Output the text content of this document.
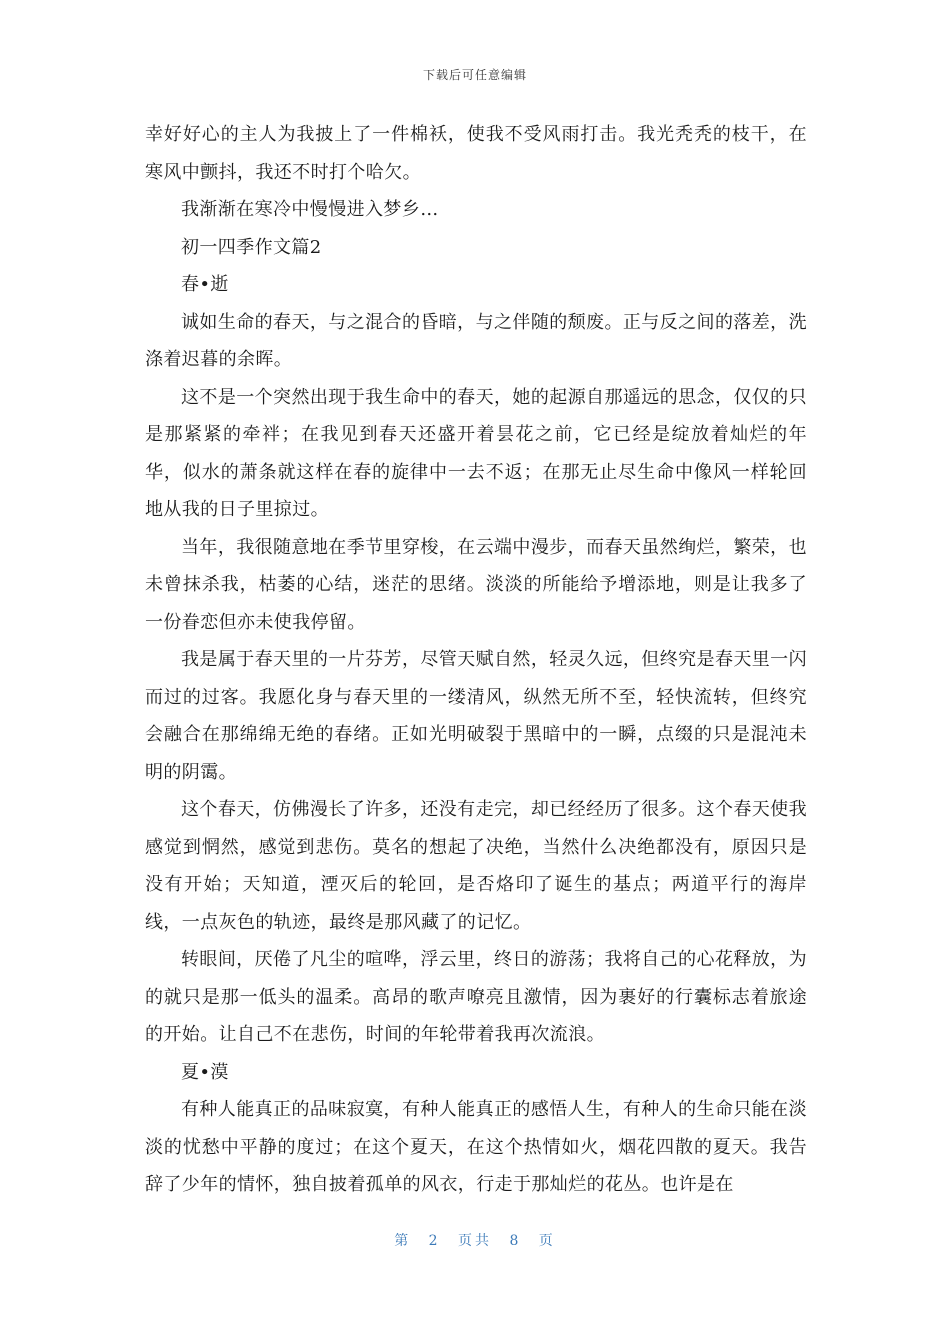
下载后可任意编辑

幸好好心的主人为我披上了一件棉袄，使我不受风雨打击。我光秃秃的枝干，在寒风中颤抖，我还不时打个哈欠。

我渐渐在寒冷中慢慢进入梦乡…

初一四季作文篇2

春•逝

诚如生命的春天，与之混合的昏暗，与之伴随的颓废。正与反之间的落差，洗涤着迟暮的余晖。

这不是一个突然出现于我生命中的春天，她的起源自那遥远的思念，仅仅的只是那紧紧的牵袢；在我见到春天还盛开着昙花之前，它已经是绽放着灿烂的年华，似水的萧条就这样在春的旋律中一去不返；在那无止尽生命中像风一样轮回地从我的日子里掠过。

当年，我很随意地在季节里穿梭，在云端中漫步，而春天虽然绚烂，繁荣，也未曾抹杀我，枯萎的心结，迷茫的思绪。淡淡的所能给予增添地，则是让我多了一份眷恋但亦未使我停留。

我是属于春天里的一片芬芳，尽管天赋自然，轻灵久远，但终究是春天里一闪而过的过客。我愿化身与春天里的一缕清风，纵然无所不至，轻快流转，但终究会融合在那绵绵无绝的春绪。正如光明破裂于黑暗中的一瞬，点缀的只是混沌未明的阴霭。

这个春天，仿佛漫长了许多，还没有走完，却已经经历了很多。这个春天使我感觉到惘然，感觉到悲伤。莫名的想起了决绝，当然什么决绝都没有，原因只是没有开始；天知道，湮灭后的轮回，是否烙印了诞生的基点；两道平行的海岸线，一点灰色的轨迹，最终是那风藏了的记忆。

转眼间，厌倦了凡尘的喧哗，浮云里，终日的游荡；我将自己的心花释放，为的就只是那一低头的温柔。高昂的歌声嘹亮且激情，因为裹好的行囊标志着旅途的开始。让自己不在悲伤，时间的年轮带着我再次流浪。

夏•漠

有种人能真正的品味寂寞，有种人能真正的感悟人生，有种人的生命只能在淡淡的忧愁中平静的度过；在这个夏天，在这个热情如火，烟花四散的夏天。我告辞了少年的情怀，独自披着孤单的风衣，行走于那灿烂的花丛。也许是在

第 2 页共 8 页
